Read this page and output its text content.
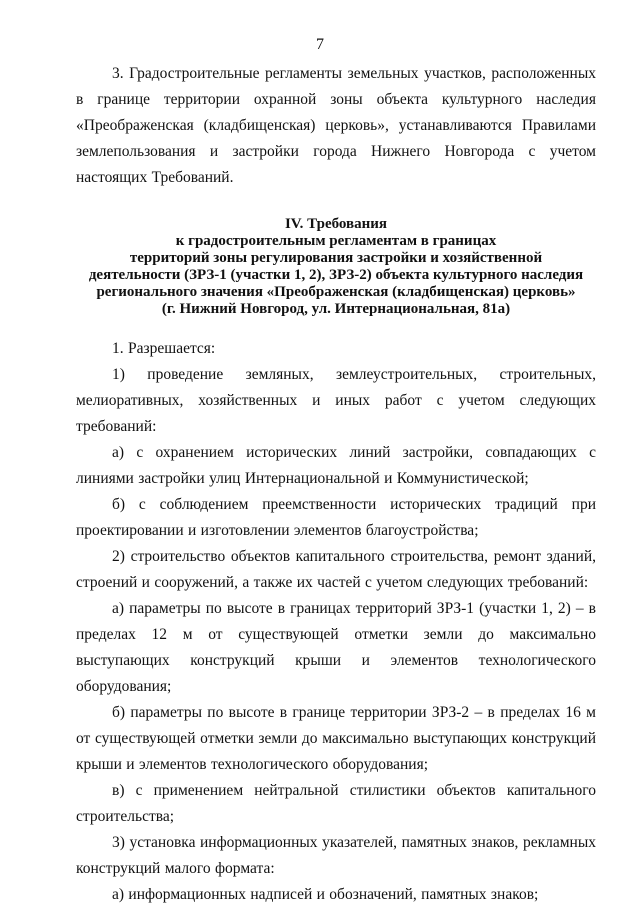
7

3. Градостроительные регламенты земельных участков, расположенных в границе территории охранной зоны объекта культурного наследия «Преображенская (кладбищенская) церковь», устанавливаются Правилами землепользования и застройки города Нижнего Новгорода с учетом настоящих Требований.

IV. Требования
к градостроительным регламентам в границах
территорий зоны регулирования застройки и хозяйственной
деятельности (ЗРЗ-1 (участки 1, 2), ЗРЗ-2) объекта культурного наследия
регионального значения «Преображенская (кладбищенская) церковь»
(г. Нижний Новгород, ул. Интернациональная, 81а)

1. Разрешается:

1) проведение земляных, землеустроительных, строительных, мелиоративных, хозяйственных и иных работ с учетом следующих требований:

а) с охранением исторических линий застройки, совпадающих с линиями застройки улиц Интернациональной и Коммунистической;

б) с соблюдением преемственности исторических традиций при проектировании и изготовлении элементов благоустройства;

2) строительство объектов капитального строительства, ремонт зданий, строений и сооружений, а также их частей с учетом следующих требований:

а) параметры по высоте в границах территорий ЗРЗ-1 (участки 1, 2) – в пределах 12 м от существующей отметки земли до максимально выступающих конструкций крыши и элементов технологического оборудования;

б) параметры по высоте в границе территории ЗРЗ-2 – в пределах 16 м от существующей отметки земли до максимально выступающих конструкций крыши и элементов технологического оборудования;

в) с применением нейтральной стилистики объектов капитального строительства;

3) установка информационных указателей, памятных знаков, рекламных конструкций малого формата:

а) информационных надписей и обозначений, памятных знаков;
